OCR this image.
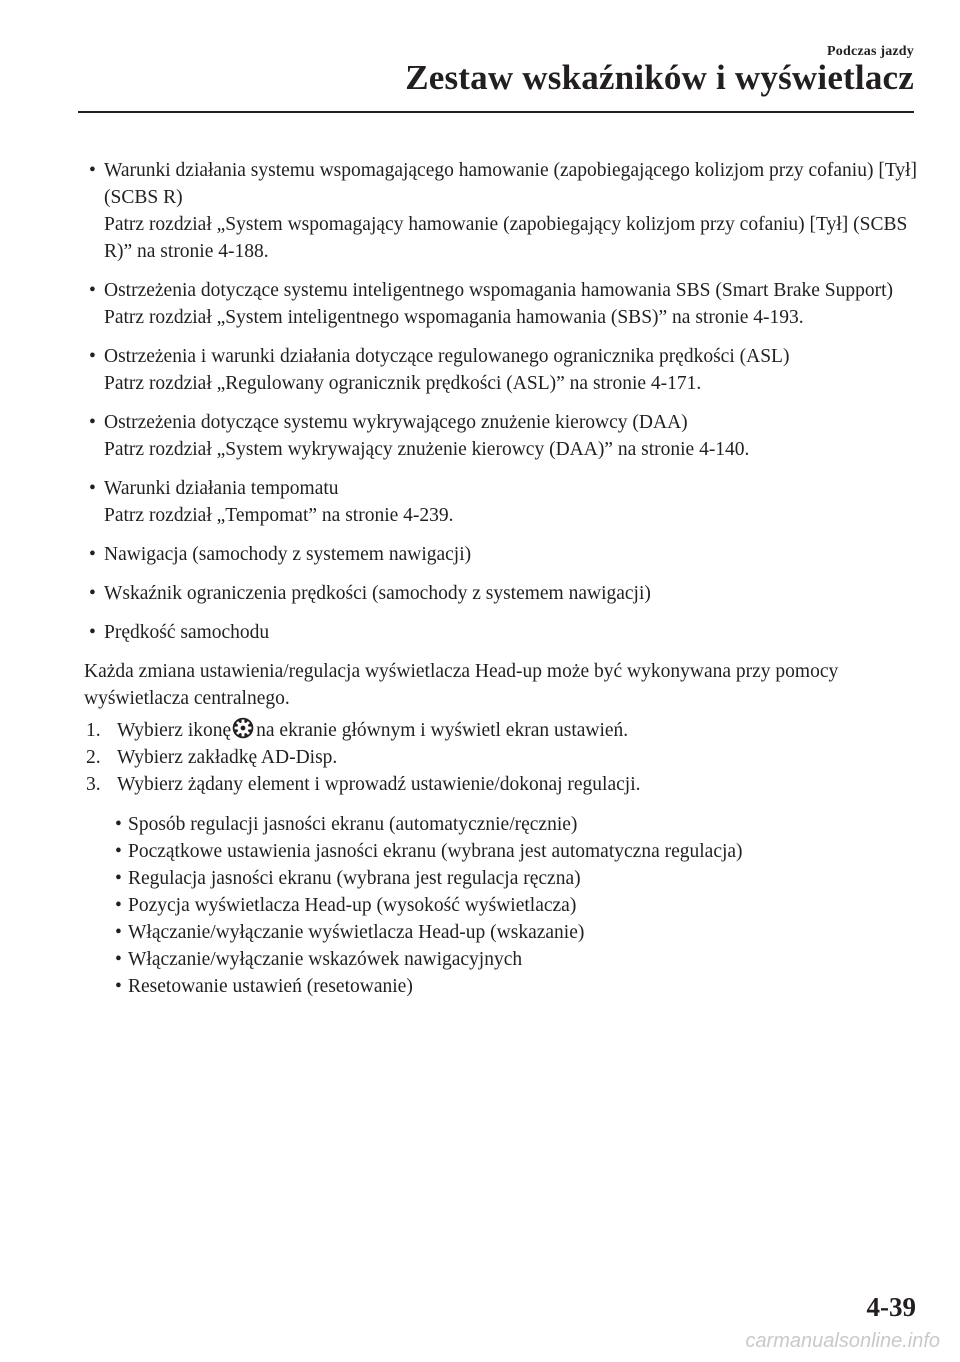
Podczas jazdy
Zestaw wskaźników i wyświetlacz
• Warunki działania systemu wspomagającego hamowanie (zapobiegającego kolizjom przy cofaniu) [Tył] (SCBS R)
Patrz rozdział „System wspomagający hamowanie (zapobiegający kolizjom przy cofaniu) [Tył] (SCBS R)” na stronie 4-188.
• Ostrzeżenia dotyczące systemu inteligentnego wspomagania hamowania SBS (Smart Brake Support)
Patrz rozdział „System inteligentnego wspomagania hamowania (SBS)” na stronie 4-193.
• Ostrzeżenia i warunki działania dotyczące regulowanego ogranicznika prędkości (ASL)
Patrz rozdział „Regulowany ogranicznik prędkości (ASL)” na stronie 4-171.
• Ostrzeżenia dotyczące systemu wykrywającego znużenie kierowcy (DAA)
Patrz rozdział „System wykrywający znużenie kierowcy (DAA)” na stronie 4-140.
• Warunki działania tempomatu
Patrz rozdział „Tempomat” na stronie 4-239.
• Nawigacja (samochody z systemem nawigacji)
• Wskaźnik ograniczenia prędkości (samochody z systemem nawigacji)
• Prędkość samochodu
Każda zmiana ustawienia/regulacja wyświetlacza Head-up może być wykonywana przy pomocy wyświetlacza centralnego.
1. Wybierz ikonę na ekranie głównym i wyświetl ekran ustawień.
2. Wybierz zakładkę AD-Disp.
3. Wybierz żądany element i wprowadź ustawienie/dokonaj regulacji.
• Sposób regulacji jasności ekranu (automatycznie/ręcznie)
• Początkowe ustawienia jasności ekranu (wybrana jest automatyczna regulacja)
• Regulacja jasności ekranu (wybrana jest regulacja ręczna)
• Pozycja wyświetlacza Head-up (wysokość wyświetlacza)
• Włączanie/wyłączanie wyświetlacza Head-up (wskazanie)
• Włączanie/wyłączanie wskazówek nawigacyjnych
• Resetowanie ustawień (resetowanie)
4-39
carmanualsonline.info
